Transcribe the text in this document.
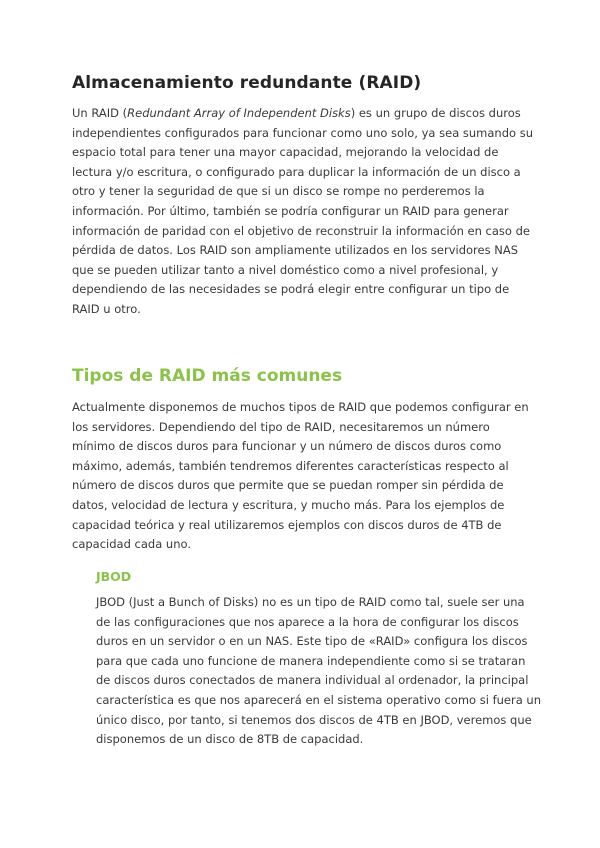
Almacenamiento redundante (RAID)

Un RAID (Redundant Array of Independent Disks) es un grupo de discos duros
independientes configurados para funcionar como uno solo, ya sea sumando su
espacio total para tener una mayor capacidad, mejorando la velocidad de
lectura y/o escritura, o configurado para duplicar la información de un disco a
otro y tener la seguridad de que si un disco se rompe no perderemos la
información. Por último, también se podría configurar un RAID para generar
información de paridad con el objetivo de reconstruir la información en caso de
pérdida de datos. Los RAID son ampliamente utilizados en los servidores NAS
que se pueden utilizar tanto a nivel doméstico como a nivel profesional, y
dependiendo de las necesidades se podrá elegir entre configurar un tipo de
RAID u otro.

Tipos de RAID más comunes

Actualmente disponemos de muchos tipos de RAID que podemos configurar en
los servidores. Dependiendo del tipo de RAID, necesitaremos un número
mínimo de discos duros para funcionar y un número de discos duros como
máximo, además, también tendremos diferentes características respecto al
número de discos duros que permite que se puedan romper sin pérdida de
datos, velocidad de lectura y escritura, y mucho más. Para los ejemplos de
capacidad teórica y real utilizaremos ejemplos con discos duros de 4TB de
capacidad cada uno.

JBOD

JBOD (Just a Bunch of Disks) no es un tipo de RAID como tal, suele ser una
de las configuraciones que nos aparece a la hora de configurar los discos
duros en un servidor o en un NAS. Este tipo de «RAID» configura los discos
para que cada uno funcione de manera independiente como si se trataran
de discos duros conectados de manera individual al ordenador, la principal
característica es que nos aparecerá en el sistema operativo como si fuera un
único disco, por tanto, si tenemos dos discos de 4TB en JBOD, veremos que
disponemos de un disco de 8TB de capacidad.
